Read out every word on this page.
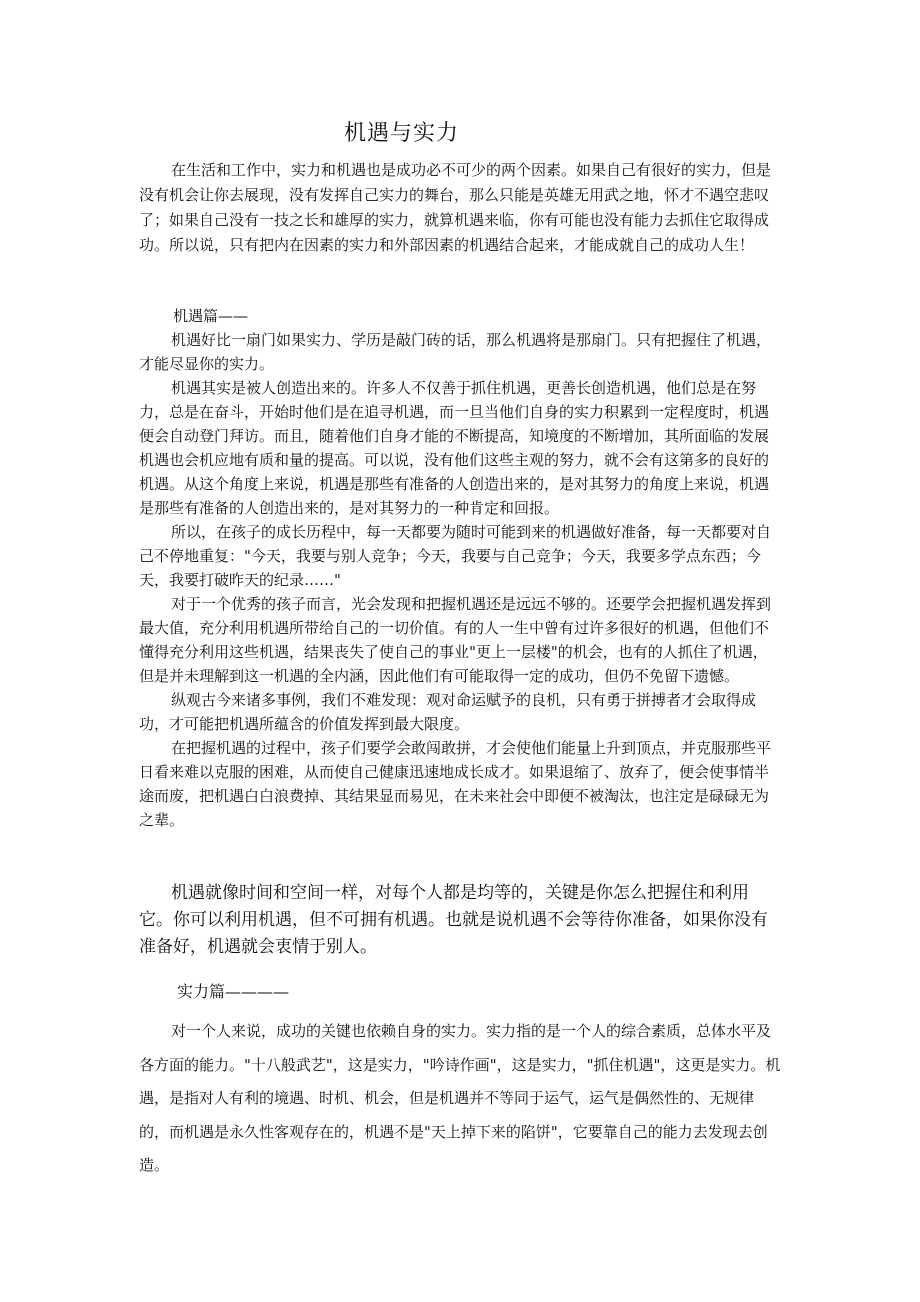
机遇与实力

在生活和工作中，实力和机遇也是成功必不可少的两个因素。如果自己有很好的实力，但是没有机会让你去展现，没有发挥自己实力的舞台，那么只能是英雄无用武之地，怀才不遇空悲叹了；如果自己没有一技之长和雄厚的实力，就算机遇来临，你有可能也没有能力去抓住它取得成功。所以说，只有把内在因素的实力和外部因素的机遇结合起来，才能成就自己的成功人生！

机遇篇——

机遇好比一扇门如果实力、学历是敲门砖的话，那么机遇将是那扇门。只有把握住了机遇，才能尽显你的实力。

机遇其实是被人创造出来的。许多人不仅善于抓住机遇，更善长创造机遇，他们总是在努力，总是在奋斗，开始时他们是在追寻机遇，而一旦当他们自身的实力积累到一定程度时，机遇便会自动登门拜访。而且，随着他们自身才能的不断提高，知境度的不断增加，其所面临的发展机遇也会机应地有质和量的提高。可以说，没有他们这些主观的努力，就不会有这第多的良好的机遇。从这个角度上来说，机遇是那些有准备的人创造出来的，是对其努力的角度上来说，机遇是那些有准备的人创造出来的，是对其努力的一种肯定和回报。

所以，在孩子的成长历程中，每一天都要为随时可能到来的机遇做好准备，每一天都要对自己不停地重复："今天，我要与别人竞争；今天，我要与自己竞争；今天，我要多学点东西；今天，我要打破昨天的纪录……"

对于一个优秀的孩子而言，光会发现和把握机遇还是远远不够的。还要学会把握机遇发挥到最大值，充分利用机遇所带给自己的一切价值。有的人一生中曾有过许多很好的机遇，但他们不懂得充分利用这些机遇，结果丧失了使自己的事业"更上一层楼"的机会，也有的人抓住了机遇，但是并未理解到这一机遇的全内涵，因此他们有可能取得一定的成功，但仍不免留下遗憾。

纵观古今来诸多事例，我们不难发现：观对命运赋予的良机，只有勇于拼搏者才会取得成功，才可能把机遇所蕴含的价值发挥到最大限度。

在把握机遇的过程中，孩子们要学会敢闯敢拼，才会使他们能量上升到顶点，并克服那些平日看来难以克服的困难，从而使自己健康迅速地成长成才。如果退缩了、放弃了，便会使事情半途而废，把机遇白白浪费掉、其结果显而易见，在未来社会中即便不被淘汰，也注定是碌碌无为之辈。

机遇就像时间和空间一样，对每个人都是均等的，关键是你怎么把握住和利用它。你可以利用机遇，但不可拥有机遇。也就是说机遇不会等待你准备，如果你没有准备好，机遇就会衷情于别人。

实力篇————

对一个人来说，成功的关键也依赖自身的实力。实力指的是一个人的综合素质，总体水平及各方面的能力。"十八般武艺"，这是实力，"吟诗作画"，这是实力，"抓住机遇"，这更是实力。机遇，是指对人有利的境遇、时机、机会，但是机遇并不等同于运气，运气是偶然性的、无规律的，而机遇是永久性客观存在的，机遇不是"天上掉下来的陷饼"，它要靠自己的能力去发现去创造。
